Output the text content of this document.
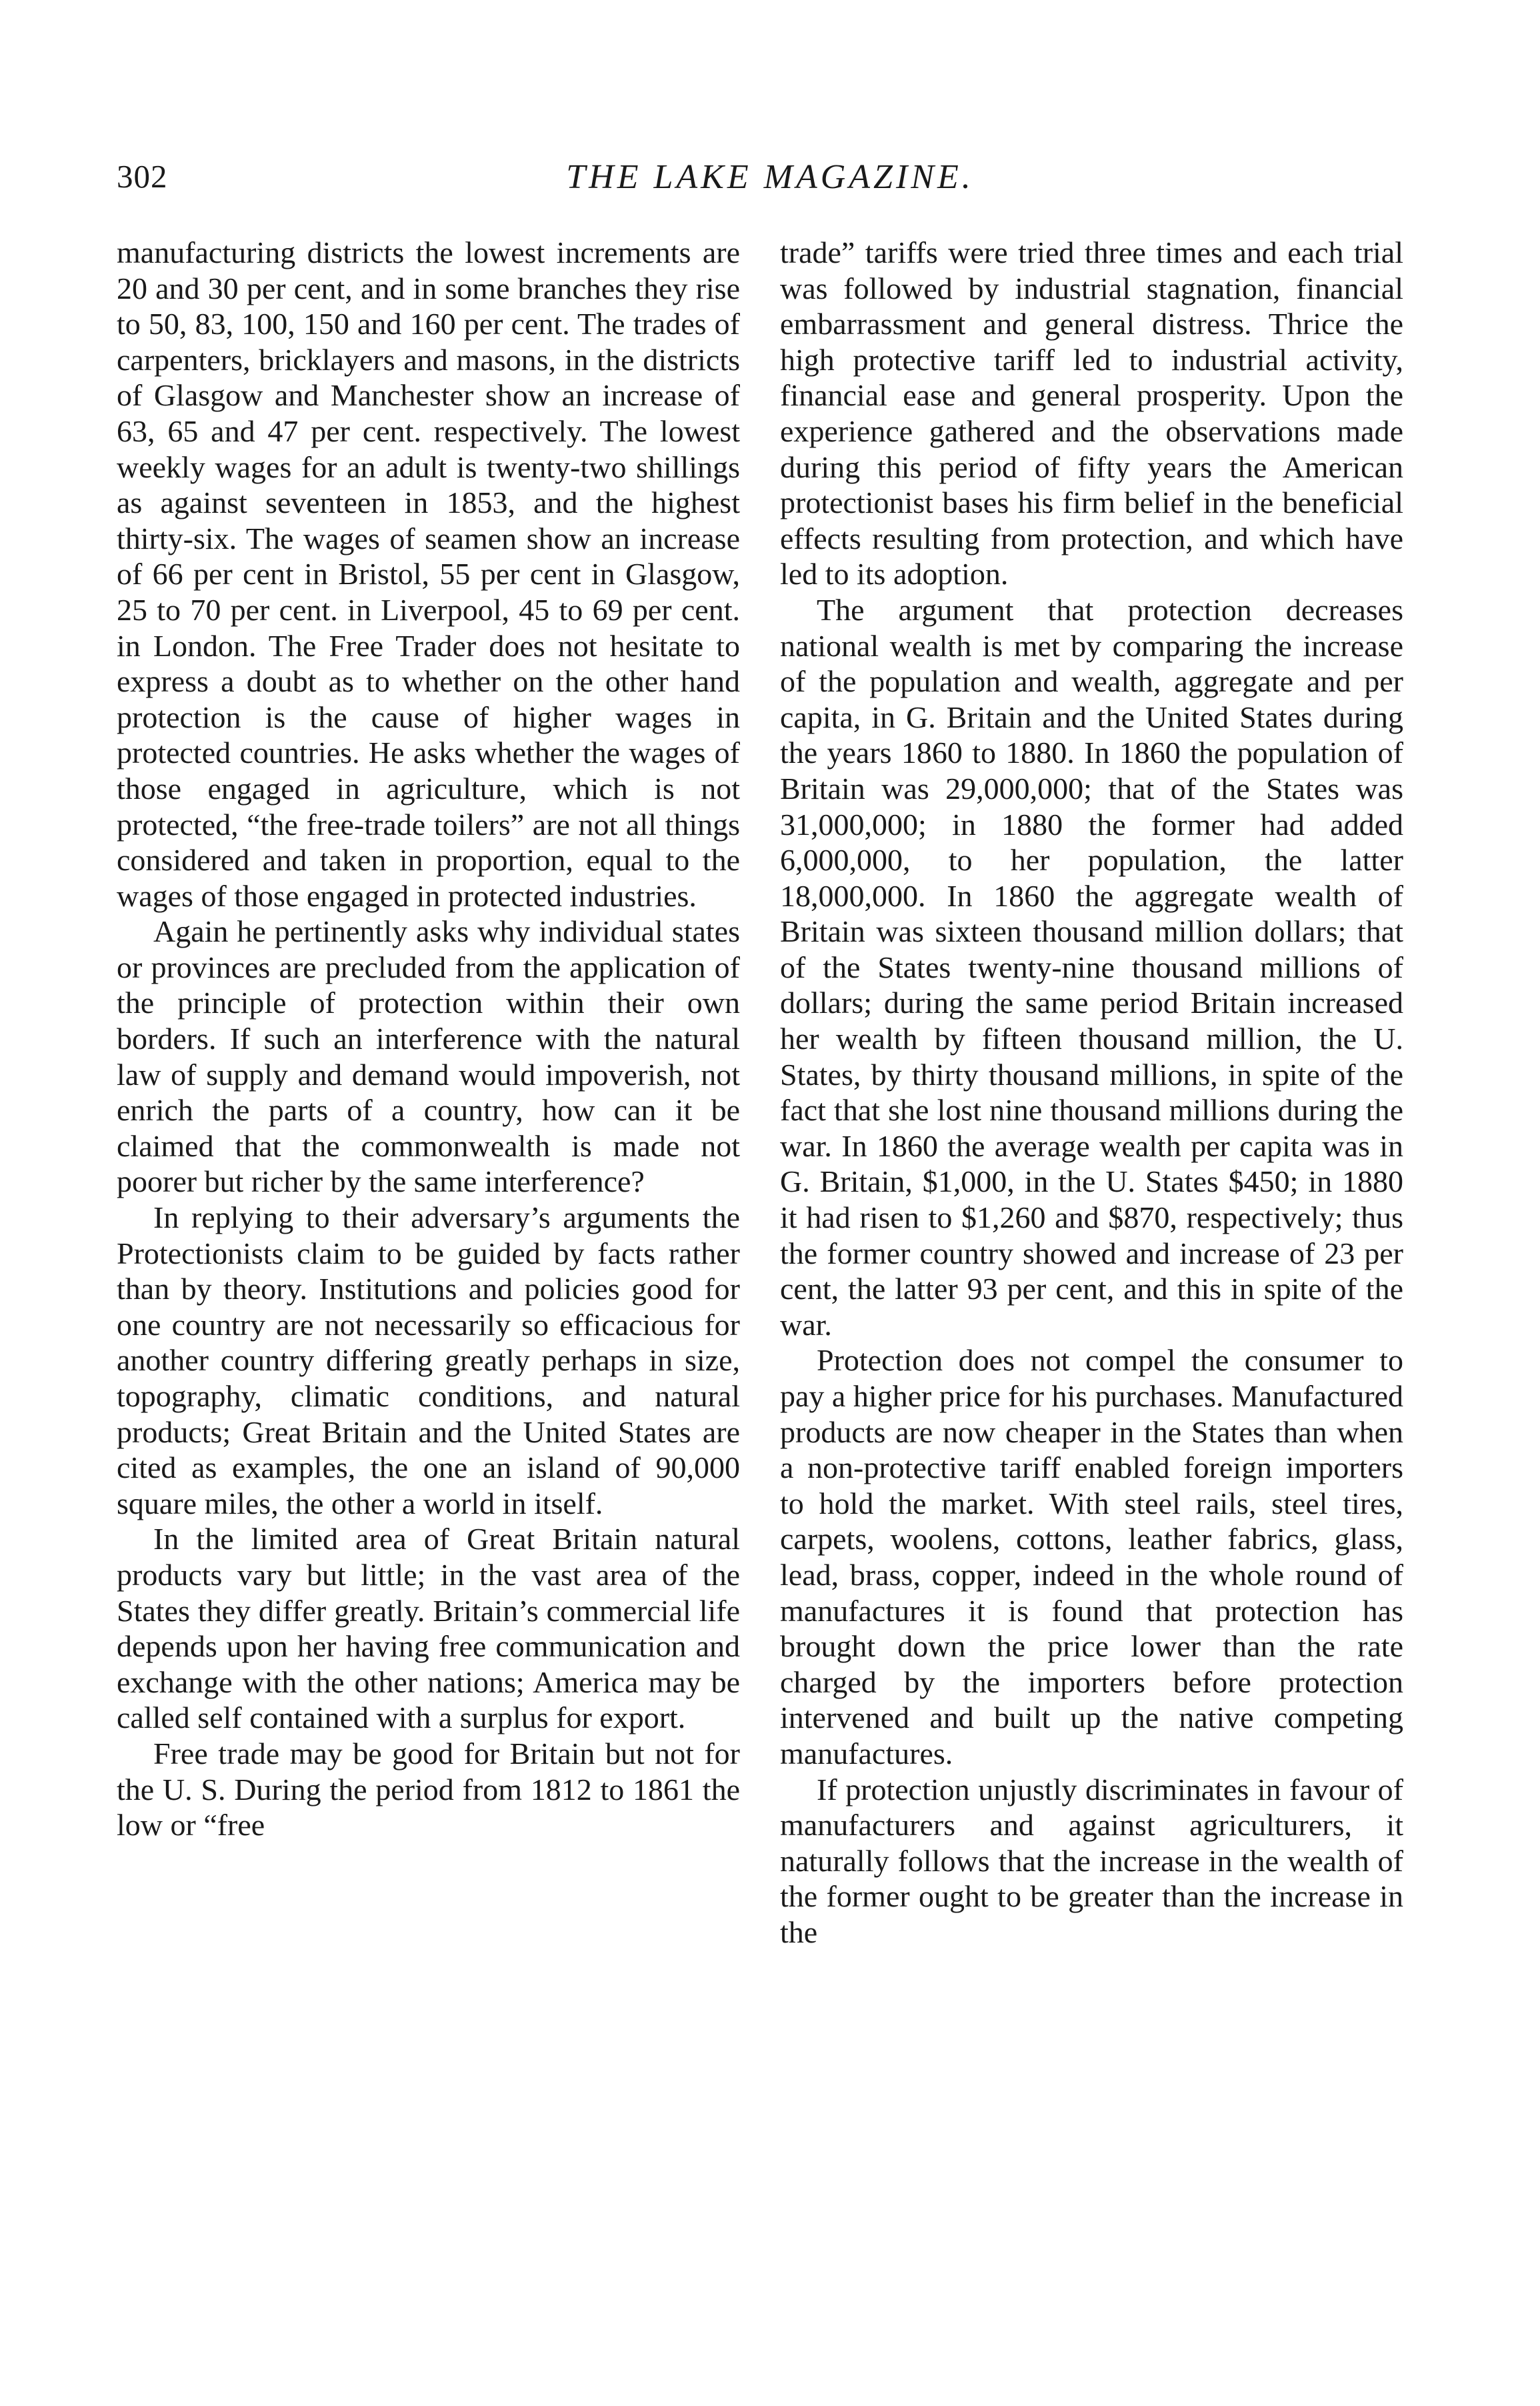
302	THE LAKE MAGAZINE.

manufacturing districts the lowest increments are 20 and 30 per cent, and in some branches they rise to 50, 83, 100, 150 and 160 per cent. The trades of carpenters, bricklayers and masons, in the districts of Glasgow and Manchester show an increase of 63, 65 and 47 per cent. respectively. The lowest weekly wages for an adult is twenty-two shillings as against seventeen in 1853, and the highest thirty-six. The wages of seamen show an increase of 66 per cent in Bristol, 55 per cent in Glasgow, 25 to 70 per cent. in Liverpool, 45 to 69 per cent. in London. The Free Trader does not hesitate to express a doubt as to whether on the other hand protection is the cause of higher wages in protected countries. He asks whether the wages of those engaged in agriculture, which is not protected, “the free-trade toilers” are not all things considered and taken in proportion, equal to the wages of those engaged in protected industries.

Again he pertinently asks why individual states or provinces are precluded from the application of the principle of protection within their own borders. If such an interference with the natural law of supply and demand would impoverish, not enrich the parts of a country, how can it be claimed that the commonwealth is made not poorer but richer by the same interference?

In replying to their adversary’s arguments the Protectionists claim to be guided by facts rather than by theory. Institutions and policies good for one country are not necessarily so efficacious for another country differing greatly perhaps in size, topography, climatic conditions, and natural products; Great Britain and the United States are cited as examples, the one an island of 90,000 square miles, the other a world in itself.

In the limited area of Great Britain natural products vary but little; in the vast area of the States they differ greatly. Britain’s commercial life depends upon her having free communication and exchange with the other nations; America may be called self contained with a surplus for export.

Free trade may be good for Britain but not for the U. S. During the period from 1812 to 1861 the low or “free

trade” tariffs were tried three times and each trial was followed by industrial stagnation, financial embarrassment and general distress. Thrice the high protective tariff led to industrial activity, financial ease and general prosperity. Upon the experience gathered and the observations made during this period of fifty years the American protectionist bases his firm belief in the beneficial effects resulting from protection, and which have led to its adoption.

The argument that protection decreases national wealth is met by comparing the increase of the population and wealth, aggregate and per capita, in G. Britain and the United States during the years 1860 to 1880. In 1860 the population of Britain was 29,000,000; that of the States was 31,000,000; in 1880 the former had added 6,000,000, to her population, the latter 18,000,000. In 1860 the aggregate wealth of Britain was sixteen thousand million dollars; that of the States twenty-nine thousand millions of dollars; during the same period Britain increased her wealth by fifteen thousand million, the U. States, by thirty thousand millions, in spite of the fact that she lost nine thousand millions during the war. In 1860 the average wealth per capita was in G. Britain, $1,000, in the U. States $450; in 1880 it had risen to $1,260 and $870, respectively; thus the former country showed and increase of 23 per cent, the latter 93 per cent, and this in spite of the war.

Protection does not compel the consumer to pay a higher price for his purchases. Manufactured products are now cheaper in the States than when a non-protective tariff enabled foreign importers to hold the market. With steel rails, steel tires, carpets, woolens, cottons, leather fabrics, glass, lead, brass, copper, indeed in the whole round of manufactures it is found that protection has brought down the price lower than the rate charged by the importers before protection intervened and built up the native competing manufactures.

If protection unjustly discriminates in favour of manufacturers and against agriculturers, it naturally follows that the increase in the wealth of the former ought to be greater than the increase in the
